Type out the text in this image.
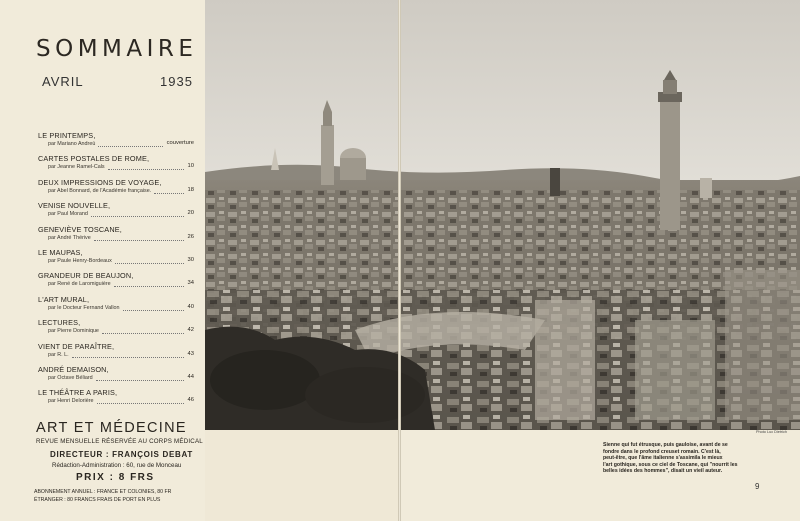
SOMMAIRE
AVRIL	1935
LE PRINTEMPS,
par Mariano Andreù	couverture
CARTES POSTALES DE ROME,
par Jeanne Ramel-Cals	10
DEUX IMPRESSIONS DE VOYAGE,
par Abel Bonnard, de l'Académie française.	18
VENISE NOUVELLE,
par Paul Morand	20
GENEVIÈVE TOSCANE,
par André Thérive	26
LE MAUPAS,
par Paule Henry-Bordeaux	30
GRANDEUR DE BEAUJON,
par René de Laromiguière	34
L'ART MURAL,
par le Docteur Fernand Vallon	40
LECTURES,
par Pierre Dominique	42
VIENT DE PARAÎTRE,
par R. L.	43
ANDRÉ DEMAISON,
par Octave Béliard	44
LE THÉÂTRE A PARIS,
par Henri Delorière	46
ART ET MÉDECINE
REVUE MENSUELLE RÉSERVÉE AU CORPS MÉDICAL
DIRECTEUR : FRANÇOIS DEBAT
Rédaction-Administration : 60, rue de Monceau
PRIX : 8 FRS
ABONNEMENT ANNUEL : FRANCE ET COLONIES, 80 FR
ÉTRANGER : 80 FRANCS FRAIS DE PORT EN PLUS
Photo Luc Dietrich
Sienne qui fut étrusque, puis gauloise, avant de se
fondre dans le profond creuset romain. C'est là,
peut-être, que l'âme italienne s'assimila le mieux
l'art gothique, sous ce ciel de Toscane, qui "nourrit les
belles idées des hommes", disait un vieil auteur.
9
